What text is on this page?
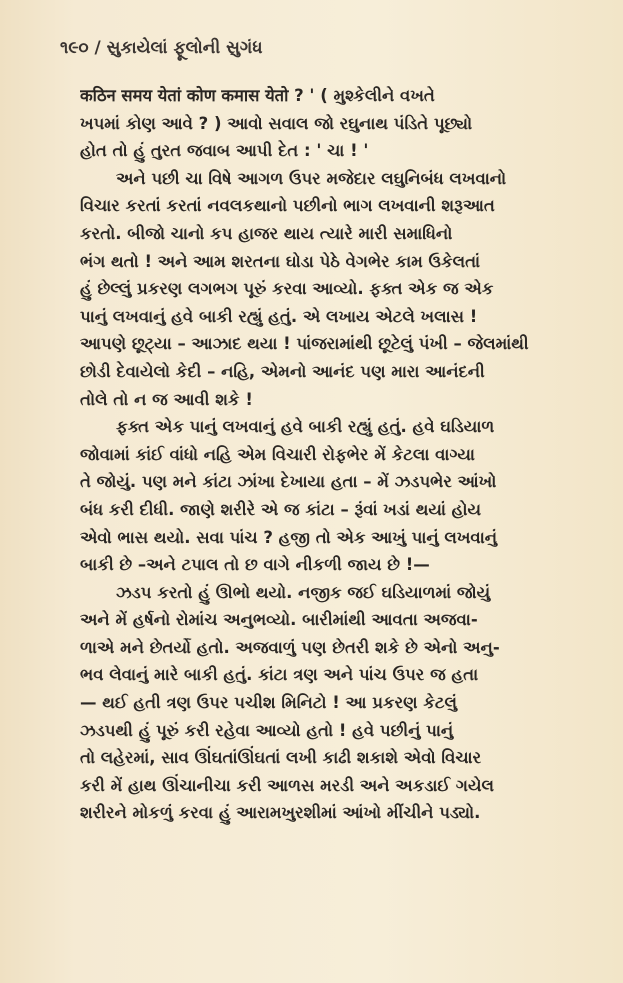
૧૯૦ / સુકાયેલાં ફૂલોની સુગંધ

कठिन समय येतां कोण कमास येतो ? ' ( મુશ્કેલીને વખતે
ખપમાં કોણ આવે ? ) આવો સવાલ જો રઘુનાથ પંડિતે પૂછ્યો
હોત તો હું તુરત જવાબ આપી દેત : ' ચા ! '

અને પછી ચા વિષે આગળ ઉપર મજેદાર લઘુનિબંધ લખવાનો
વિચાર કરતાં કરતાં નવલકથાનો પછીનો ભાગ લખવાની શરૂઆત
કરતો. બીજો ચાનો કપ હાજર થાય ત્યારે મારી સમાધિનો
ભંગ થતો ! અને આમ શરતના ઘોડા પેઠે વેગભેર કામ ઉકેલતાં
હું છેલ્લું પ્રકરણ લગભગ પૂરું કરવા આવ્યો. ફક્ત એક જ એક
પાનું લખવાનું હવે બાકી રહ્યું હતું. એ લખાય એટલે ખલાસ !
આપણે છૂટ્યા – આઝાદ થયા ! પાંજરામાંથી છૂટેલું પંખી – જેલમાંથી
છોડી દેવાયેલો કેદી – નહિ, એમનો આનંદ પણ મારા આનંદની
તોલે તો ન જ આવી શકે !

ફક્ત એક પાનું લખવાનું હવે બાકી રહ્યું હતું. હવે ઘડિયાળ
જોવામાં કાંઈ વાંધો નહિ એમ વિચારી રોફભેર મેં કેટલા વાગ્યા
તે જોયું. પણ મને કાંટા ઝાંખા દેખાયા હતા – મેં ઝડપભેર આંખો
બંધ કરી દીધી. જાણે શરીરે એ જ કાંટા – રૂંવાં ખડાં થયાં હોય
એવો ભાસ થયો. સવા પાંચ ? હજી તો એક આખું પાનું લખવાનું
બાકી છે –અને ટપાલ તો છ વાગે નીકળી જાય છે !—

ઝડપ કરતો હું ઊભો થયો. નજીક જઈ ઘડિયાળમાં જોયું
અને મેં હર્ષનો રોમાંચ અનુભવ્યો. બારીમાંથી આવતા અજવા-
ળાએ મને છેતર્યો હતો. અજવાળું પણ છેતરી શકે છે એનો અનુ-
ભવ લેવાનું મારે બાકી હતું. કાંટા ત્રણ અને પાંચ ઉપર જ હતા
— થઈ હતી ત્રણ ઉપર પચીશ મિનિટો ! આ પ્રકરણ કેટલું
ઝડપથી હું પૂરું કરી રહેવા આવ્યો હતો ! હવે પછીનું પાનું
તો લહેરમાં, સાવ ઊંઘતાંઊંઘતાં લખી કાઢી શકાશે એવો વિચાર
કરી મેં હાથ ઊંચાનીચા કરી આળસ મરડી અને અકડાઈ ગયેલ
શરીરને મોકળું કરવા હું આરામખુરશીમાં આંખો મીંચીને પડ્યો.
